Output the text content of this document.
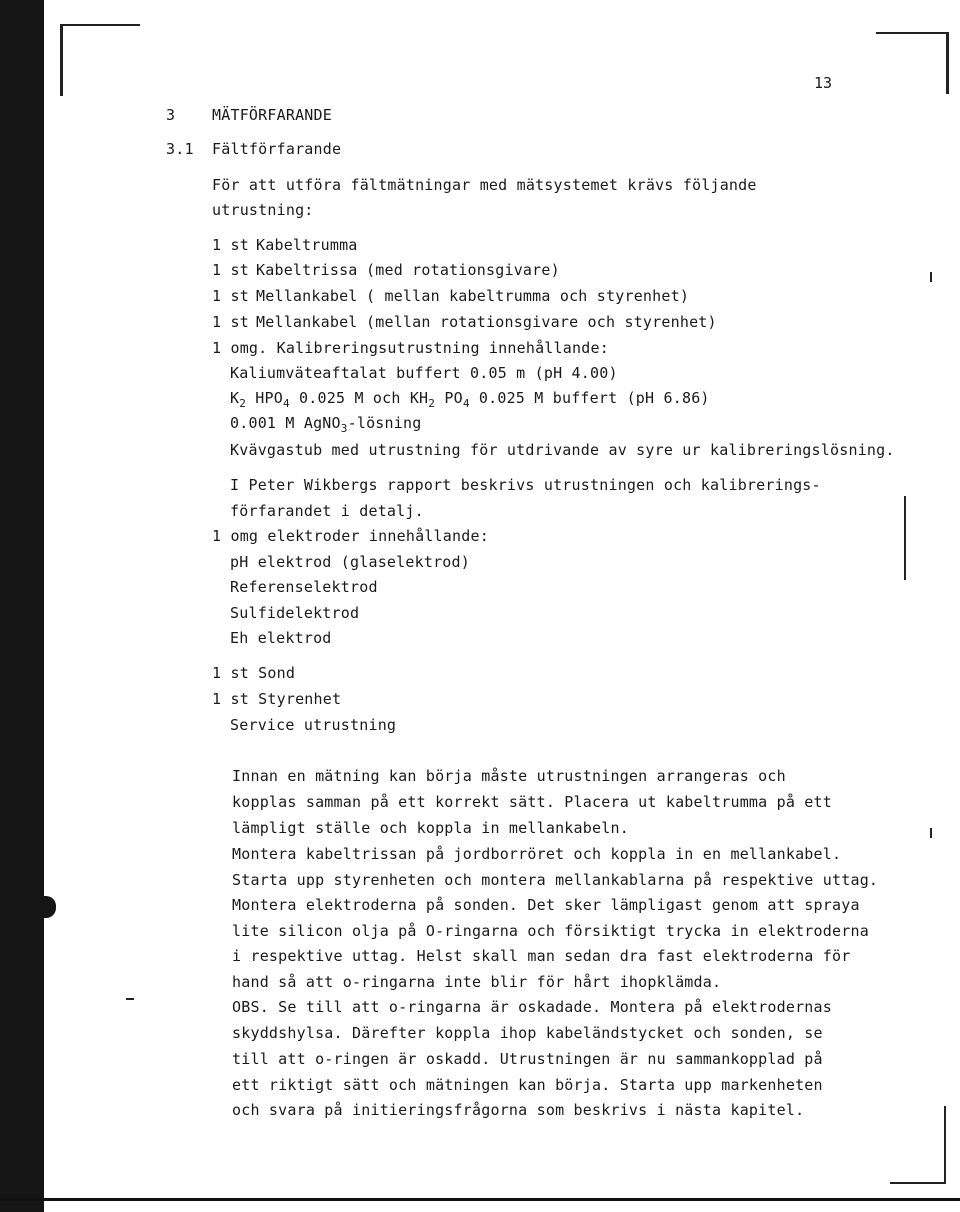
13
3 MÄTFÖRFARANDE
3.1 Fältförfarande
För att utföra fältmätningar med mätsystemet krävs följande
utrustning:
1 st Kabeltrumma
1 st Kabeltrissa (med rotationsgivare)
1 st Mellankabel ( mellan kabeltrumma och styrenhet)
1 st Mellankabel (mellan rotationsgivare och styrenhet)
1 omg. Kalibreringsutrustning innehållande:
Kaliumväteaftalat buffert 0.05 m (pH 4.00)
$K_2$ $HPO_4$ 0.025 M och $KH_2$ $PO_4$ 0.025 M buffert (pH 6.86)
0.001 M AgNO$_3$-lösning
Kvävgastub med utrustning för utdrivande av syre ur kalibreringslösning.
I Peter Wikbergs rapport beskrivs utrustningen och kalibrerings-
förfarandet i detalj.
1 omg elektroder innehållande:
pH elektrod (glaselektrod)
Referenselektrod
Sulfidelektrod
Eh elektrod
1 st Sond
1 st Styrenhet
Service utrustning
Innan en mätning kan börja måste utrustningen arrangeras och
kopplas samman på ett korrekt sätt. Placera ut kabeltrumma på ett
lämpligt ställe och koppla in mellankabeln.
Montera kabeltrissan på jordborröret och koppla in en mellankabel.
Starta upp styrenheten och montera mellankablarna på respektive uttag.
Montera elektroderna på sonden. Det sker lämpligast genom att spraya
lite silicon olja på O-ringarna och försiktigt trycka in elektroderna
i respektive uttag. Helst skall man sedan dra fast elektroderna för
hand så att o-ringarna inte blir för hårt ihopklämda.
OBS. Se till att o-ringarna är oskadade. Montera på elektrodernas
skyddshylsa. Därefter koppla ihop kabeländstycket och sonden, se
till att o-ringen är oskadd. Utrustningen är nu sammankopplad på
ett riktigt sätt och mätningen kan börja. Starta upp markenheten
och svara på initieringsfrågorna som beskrivs i nästa kapitel.
